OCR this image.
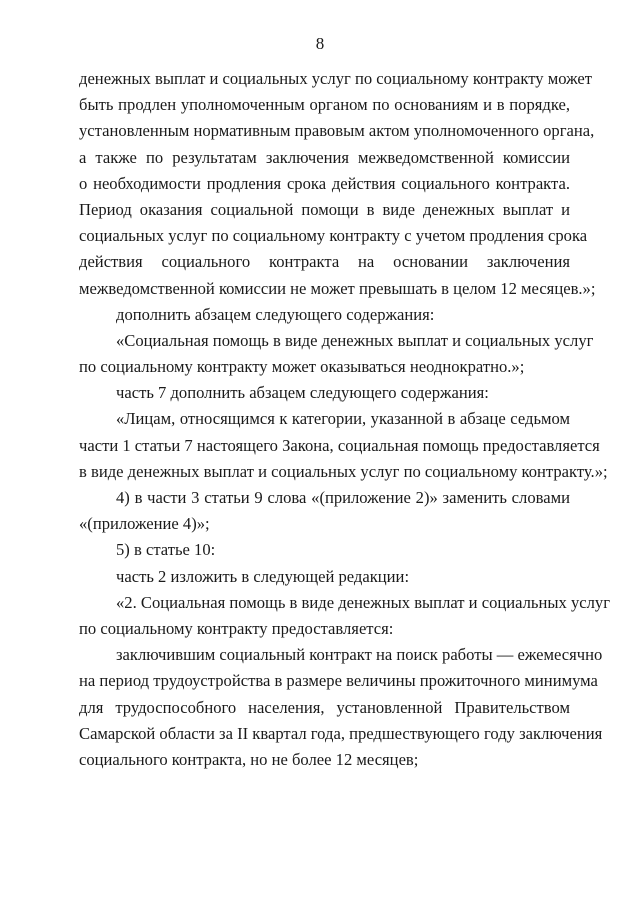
8
денежных выплат и социальных услуг по социальному контракту может
быть продлен уполномоченным органом по основаниям и в порядке,
установленным нормативным правовым актом уполномоченного органа,
а также по результатам заключения межведомственной комиссии
о необходимости продления срока действия социального контракта.
Период оказания социальной помощи в виде денежных выплат и
социальных услуг по социальному контракту с учетом продления срока
действия социального контракта на основании заключения
межведомственной комиссии не может превышать в целом 12 месяцев.»;
дополнить абзацем следующего содержания:
«Социальная помощь в виде денежных выплат и социальных услуг
по социальному контракту может оказываться неоднократно.»;
часть 7 дополнить абзацем следующего содержания:
«Лицам, относящимся к категории, указанной в абзаце седьмом
части 1 статьи 7 настоящего Закона, социальная помощь предоставляется
в виде денежных выплат и социальных услуг по социальному контракту.»;
4) в части 3 статьи 9 слова «(приложение 2)» заменить словами
«(приложение 4)»;
5) в статье 10:
часть 2 изложить в следующей редакции:
«2. Социальная помощь в виде денежных выплат и социальных услуг
по социальному контракту предоставляется:
заключившим социальный контракт на поиск работы — ежемесячно
на период трудоустройства в размере величины прожиточного минимума
для трудоспособного населения, установленной Правительством
Самарской области за II квартал года, предшествующего году заключения
социального контракта, но не более 12 месяцев;
